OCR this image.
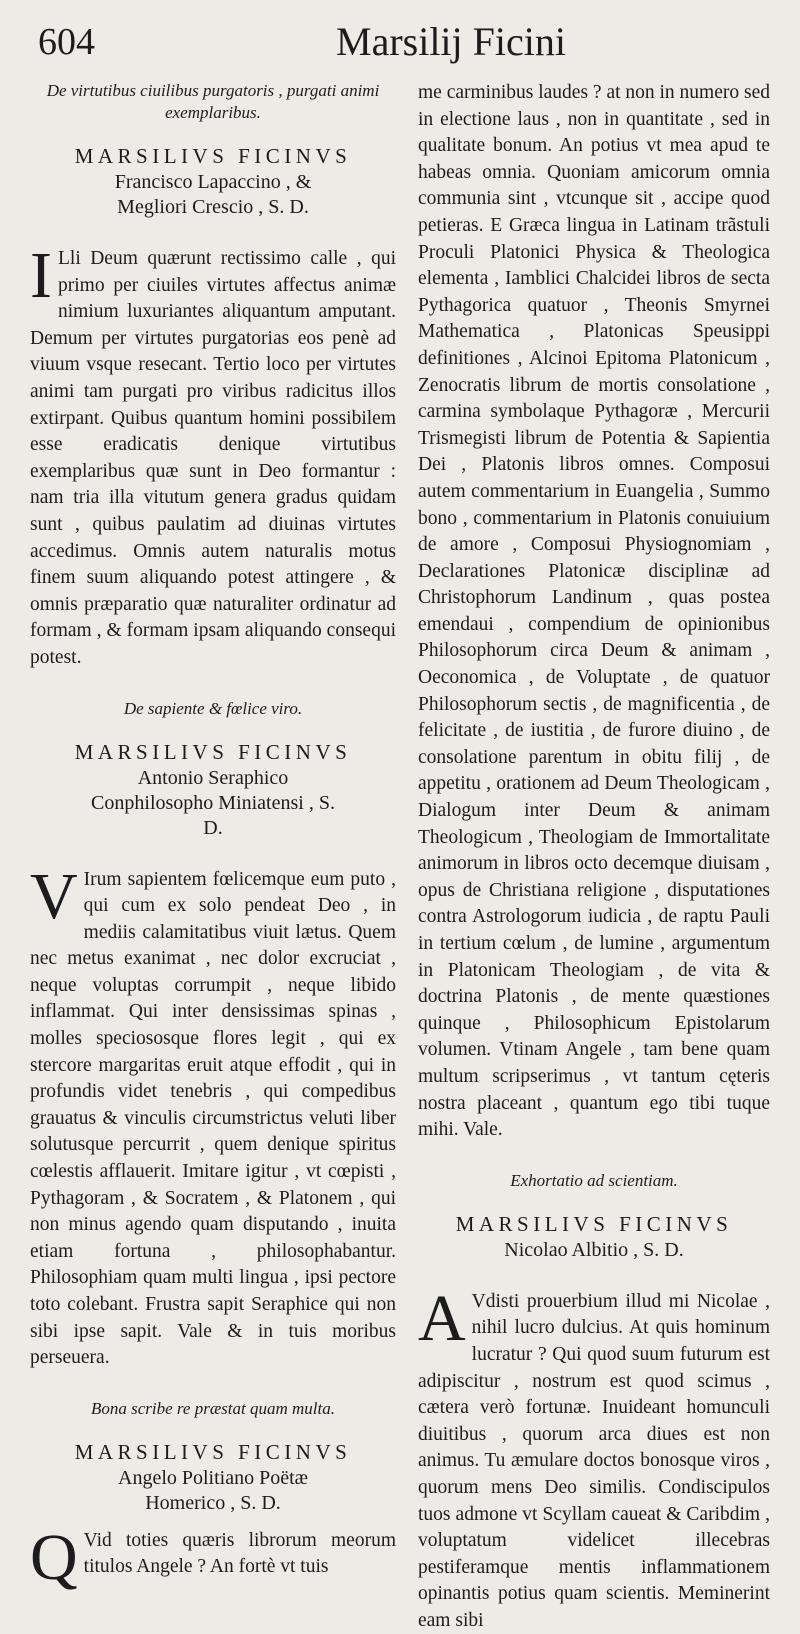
604	Marsilij Ficini
De virtutibus ciuilibus purgatoris , purgati animi exemplaribus.
MARSILIVS FICINVS
Francisco Lapaccino , & Megliori Crescio , S. D.

I Lli Deum quærunt rectissimo calle , qui primo per ciuiles virtutes affectus animæ nimium luxuriantes aliquantum amputant. Demum per virtutes purgatorias eos penè ad viuum vsque resecant. Tertio loco per virtutes animi tam purgati pro viribus radicitus illos extirpant. Quibus quantum homini possibilem esse eradicatis denique virtutibus exemplaribus quæ sunt in Deo formantur : nam tria illa vitutum genera gradus quidam sunt , quibus paulatim ad diuinas virtutes accedimus. Omnis autem naturalis motus finem suum aliquando potest attingere , & omnis præparatio quæ naturaliter ordinatur ad formam , & formam ipsam aliquando consequi potest.

De sapiente & fœlice viro.
MARSILIVS FICINVS
Antonio Seraphico Conphilosopho Miniatensi , S. D.

V Irum sapientem fœlicemque eum puto , qui cum ex solo pendeat Deo , in mediis calamitatibus viuit lætus. Quem nec metus exanimat , nec dolor excruciat , neque voluptas corrumpit , neque libido inflammat. Qui inter densissimas spinas , molles speciososque flores legit , qui ex stercore margaritas eruit atque effodit , qui in profundis videt tenebris , qui compedibus grauatus & vinculis circumstrictus veluti liber solutusque percurrit , quem denique spiritus cœlestis afflauerit. Imitare igitur , vt cœpisti , Pythagoram , & Socratem , & Platonem , qui non minus agendo quam disputando , inuita etiam fortuna , philosophabantur. Philosophiam quam multi lingua , ipsi pectore toto colebant. Frustra sapit Seraphice qui non sibi ipse sapit. Vale & in tuis moribus perseuera.

Bona scribe re præstat quam multa.
MARSILIVS FICINVS
Angelo Politiano Poëtæ Homerico , S. D.

Q Vid toties quæris librorum meorum titulos Angele ? An fortè vt tuis

me carminibus laudes ? at non in numero sed in electione laus , non in quantitate , sed in qualitate bonum. An potius vt mea apud te habeas omnia. Quoniam amicorum omnia communia sint , vtcunque sit , accipe quod petieras. E Græca lingua in Latinam trãstuli Proculi Platonici Physica & Theologica elementa , Iamblici Chalcidei libros de secta Pythagorica quatuor , Theonis Smyrnei Mathematica , Platonicas Speusippi definitiones , Alcinoi Epitoma Platonicum , Zenocratis librum de mortis consolatione , carmina symbolaque Pythagoræ , Mercurii Trismegisti librum de Potentia & Sapientia Dei , Platonis libros omnes. Composui autem commentarium in Euangelia , Summo bono , commentarium in Platonis conuiuium de amore , Composui Physiognomiam , Declarationes Platonicæ disciplinæ ad Christophorum Landinum , quas postea emendaui , compendium de opinionibus Philosophorum circa Deum & animam , Oeconomica , de Voluptate , de quatuor Philosophorum sectis , de magnificentia , de felicitate , de iustitia , de furore diuino , de consolatione parentum in obitu filij , de appetitu , orationem ad Deum Theologicam , Dialogum inter Deum & animam Theologicum , Theologiam de Immortalitate animorum in libros octo decemque diuisam , opus de Christiana religione , disputationes contra Astrologorum iudicia , de raptu Pauli in tertium cœlum , de lumine , argumentum in Platonicam Theologiam , de vita & doctrina Platonis , de mente quæstiones quinque , Philosophicum Epistolarum volumen. Vtinam Angele , tam bene quam multum scripserimus , vt tantum cęteris nostra placeant , quantum ego tibi tuque mihi. Vale.

Exhortatio ad scientiam.
MARSILIVS FICINVS
Nicolao Albitio , S. D.

A Vdisti prouerbium illud mi Nicolae , nihil lucro dulcius. At quis hominum lucratur ? Qui quod suum futurum est adipiscitur , nostrum est quod scimus , cætera verò fortunæ. Inuideant homunculi diuitibus , quorum arca diues est non animus. Tu æmulare doctos bonosque viros , quorum mens Deo similis. Condiscipulos tuos admone vt Scyllam caueat & Caribdim , voluptatum videlicet illecebras pestiferamque mentis inflammationem opinantis potius quam scientis. Meminerint eam sibi
